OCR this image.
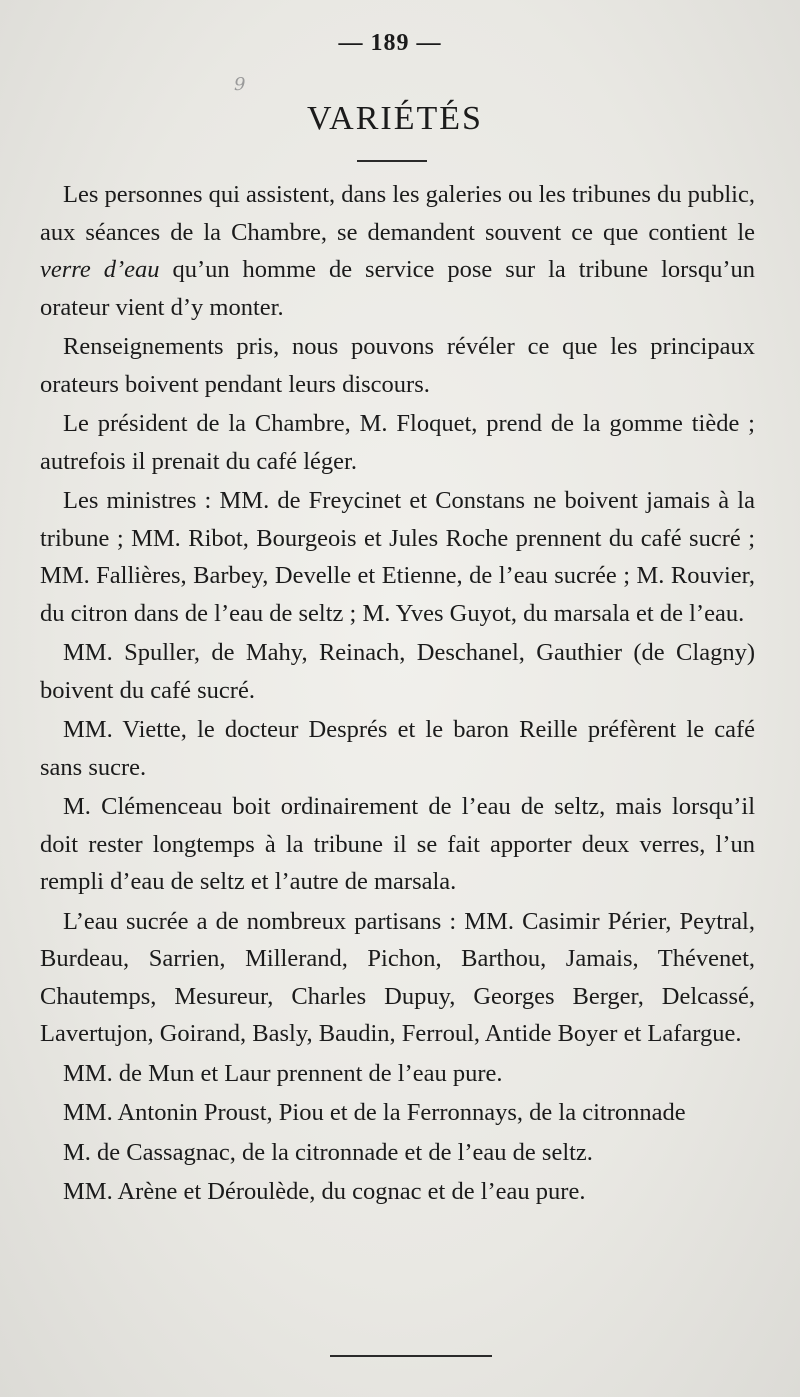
— 189 —
9
VARIÉTÉS

Les personnes qui assistent, dans les galeries ou les tribunes du public, aux séances de la Chambre, se demandent souvent ce que contient le verre d’eau qu’un homme de service pose sur la tribune lorsqu’un orateur vient d’y monter.

Renseignements pris, nous pouvons révéler ce que les principaux orateurs boivent pendant leurs discours.

Le président de la Chambre, M. Floquet, prend de la gomme tiède ; autrefois il prenait du café léger.

Les ministres : MM. de Freycinet et Constans ne boivent jamais à la tribune ; MM. Ribot, Bourgeois et Jules Roche prennent du café sucré ; MM. Fallières, Barbey, Develle et Etienne, de l’eau sucrée ; M. Rouvier, du citron dans de l’eau de seltz ; M. Yves Guyot, du marsala et de l’eau.

MM. Spuller, de Mahy, Reinach, Deschanel, Gauthier (de Clagny) boivent du café sucré.

MM. Viette, le docteur Després et le baron Reille préfèrent le café sans sucre.

M. Clémenceau boit ordinairement de l’eau de seltz, mais lorsqu’il doit rester longtemps à la tribune il se fait apporter deux verres, l’un rempli d’eau de seltz et l’autre de marsala.

L’eau sucrée a de nombreux partisans : MM. Casimir Périer, Peytral, Burdeau, Sarrien, Millerand, Pichon, Barthou, Jamais, Thévenet, Chautemps, Mesureur, Charles Dupuy, Georges Berger, Delcassé, Lavertujon, Goirand, Basly, Baudin, Ferroul, Antide Boyer et Lafargue.

MM. de Mun et Laur prennent de l’eau pure.

MM. Antonin Proust, Piou et de la Ferronnays, de la citronnade

M. de Cassagnac, de la citronnade et de l’eau de seltz.

MM. Arène et Déroulède, du cognac et de l’eau pure.
